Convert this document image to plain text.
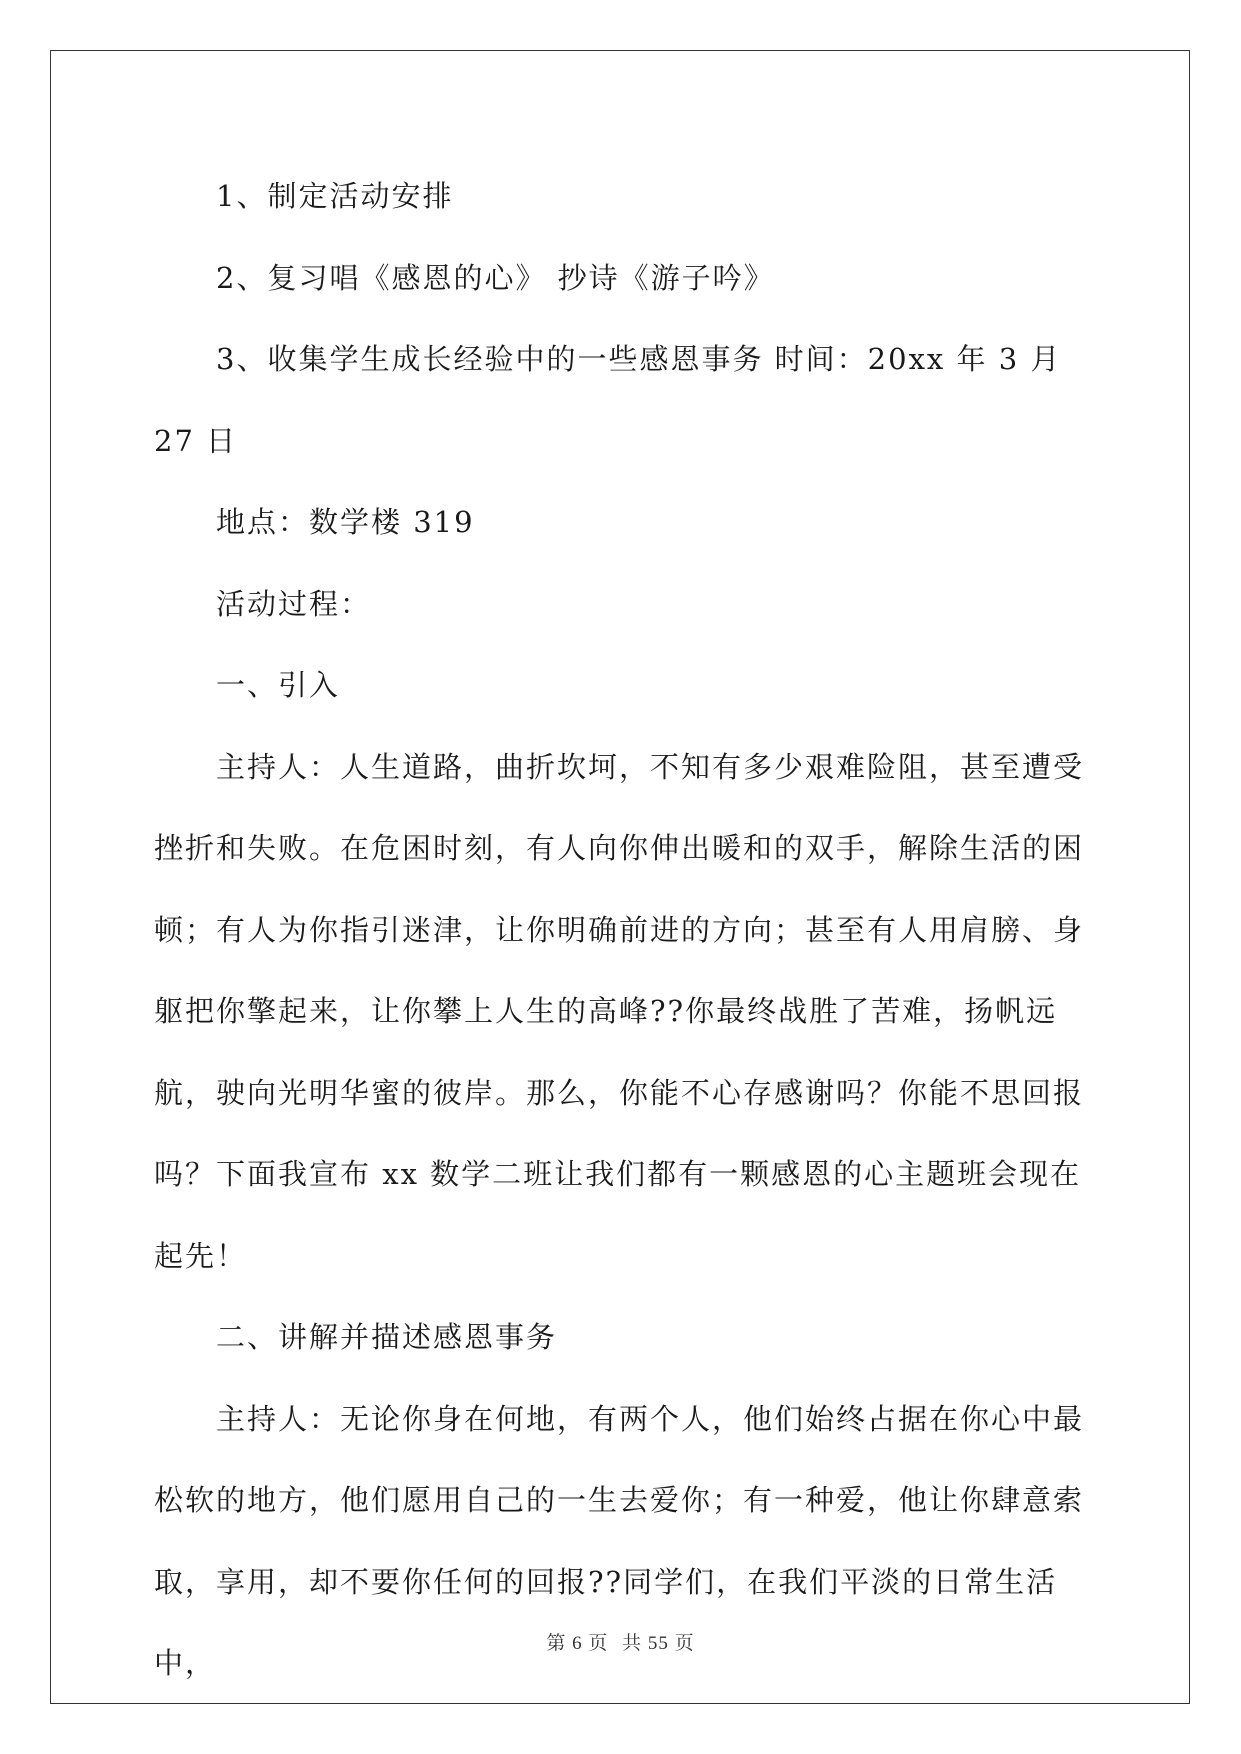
1、制定活动安排

2、复习唱《感恩的心》 抄诗《游子吟》

3、收集学生成长经验中的一些感恩事务 时间：20xx 年 3 月 27 日

地点：数学楼 319

活动过程：

一、引入

主持人：人生道路，曲折坎坷，不知有多少艰难险阻，甚至遭受挫折和失败。在危困时刻，有人向你伸出暖和的双手，解除生活的困顿；有人为你指引迷津，让你明确前进的方向；甚至有人用肩膀、身躯把你擎起来，让你攀上人生的高峰??你最终战胜了苦难，扬帆远航，驶向光明华蜜的彼岸。那么，你能不心存感谢吗？你能不思回报吗？下面我宣布 xx 数学二班让我们都有一颗感恩的心主题班会现在起先！

二、讲解并描述感恩事务

主持人：无论你身在何地，有两个人，他们始终占据在你心中最松软的地方，他们愿用自己的一生去爱你；有一种爱，他让你肆意索取，享用，却不要你任何的回报??同学们，在我们平淡的日常生活中，

第 6 页 共 55 页
